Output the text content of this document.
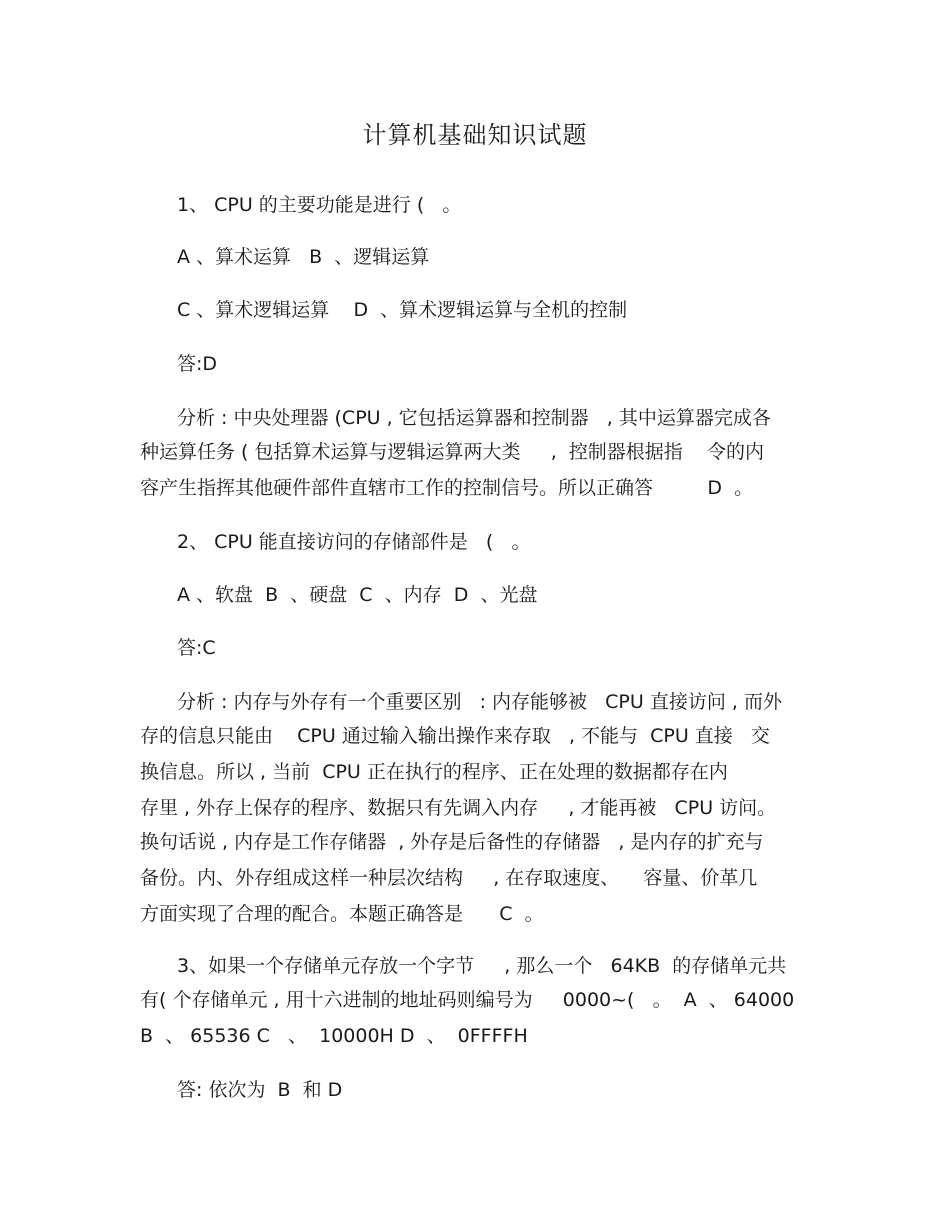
计算机基础知识试题

1、 CPU 的主要功能是进行 (   。

A 、算术运算   B  、逻辑运算

C 、算术逻辑运算    D  、算术逻辑运算与全机的控制

答:D

分析 : 中央处理器 (CPU , 它包括运算器和控制器   , 其中运算器完成各

种运算任务 ( 包括算术运算与逻辑运算两大类     ,  控制器根据指    令的内

容产生指挥其他硬件部件直辖市工作的控制信号。所以正确答         D  。

2、 CPU 能直接访问的存储部件是   (   。

A 、软盘  B  、硬盘  C  、内存  D  、光盘

答:C

分析 : 内存与外存有一个重要区别   : 内存能够被   CPU 直接访问 , 而外

存的信息只能由    CPU 通过输入输出操作来存取   , 不能与  CPU 直接   交

换信息。所以 , 当前  CPU 正在执行的程序、正在处理的数据都存在内

存里 , 外存上保存的程序、数据只有先调入内存     , 才能再被   CPU 访问。

换句话说 , 内存是工作存储器  , 外存是后备性的存储器   , 是内存的扩充与

备份。内、外存组成这样一种层次结构     , 在存取速度、    容量、价革几

方面实现了合理的配合。本题正确答是      C  。

3、如果一个存储单元存放一个字节     , 那么一个   64KB  的存储单元共

有( 个存储单元 , 用十六进制的地址码则编号为     0000~(   。  A  、 64000

B  、 65536 C   、  10000H D  、  0FFFFH

答: 依次为  B  和 D
